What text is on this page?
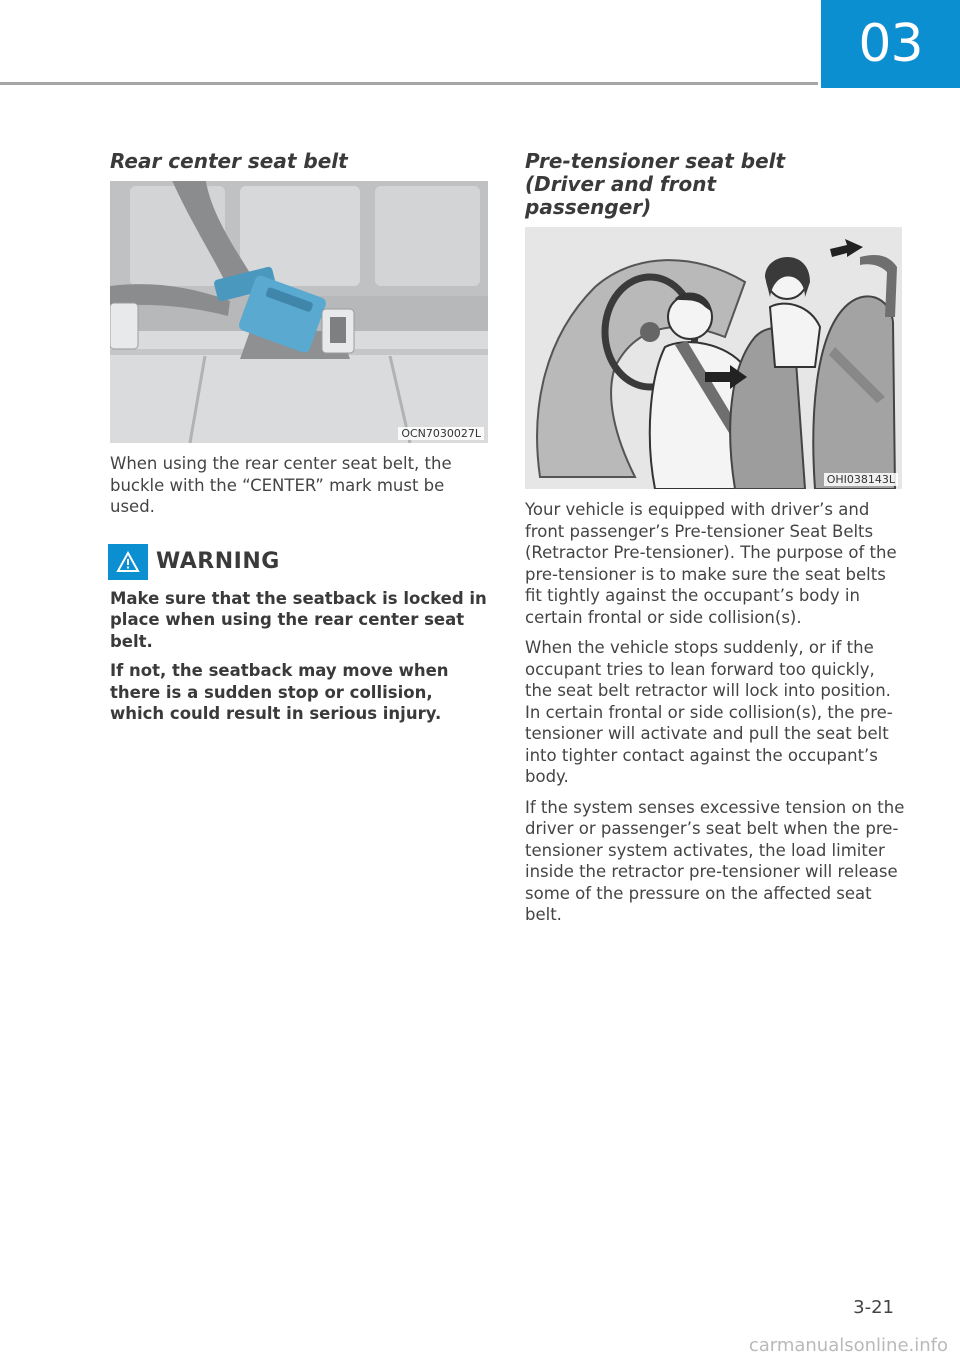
03
Rear center seat belt
OCN7030027L

When using the rear center seat belt, the buckle with the “CENTER” mark must be used.

WARNING

Make sure that the seatback is locked in place when using the rear center seat belt.

If not, the seatback may move when there is a sudden stop or collision, which could result in serious injury.

Pre-tensioner seat belt (Driver and front passenger)
OHI038143L

Your vehicle is equipped with driver’s and front passenger’s Pre-tensioner Seat Belts (Retractor Pre-tensioner). The purpose of the pre-tensioner is to make sure the seat belts fit tightly against the occupant’s body in certain frontal or side collision(s).

When the vehicle stops suddenly, or if the occupant tries to lean forward too quickly, the seat belt retractor will lock into position. In certain frontal or side collision(s), the pre-tensioner will activate and pull the seat belt into tighter contact against the occupant’s body.

If the system senses excessive tension on the driver or passenger’s seat belt when the pre-tensioner system activates, the load limiter inside the retractor pre-tensioner will release some of the pressure on the affected seat belt.

3-21
carmanualsonline.info
